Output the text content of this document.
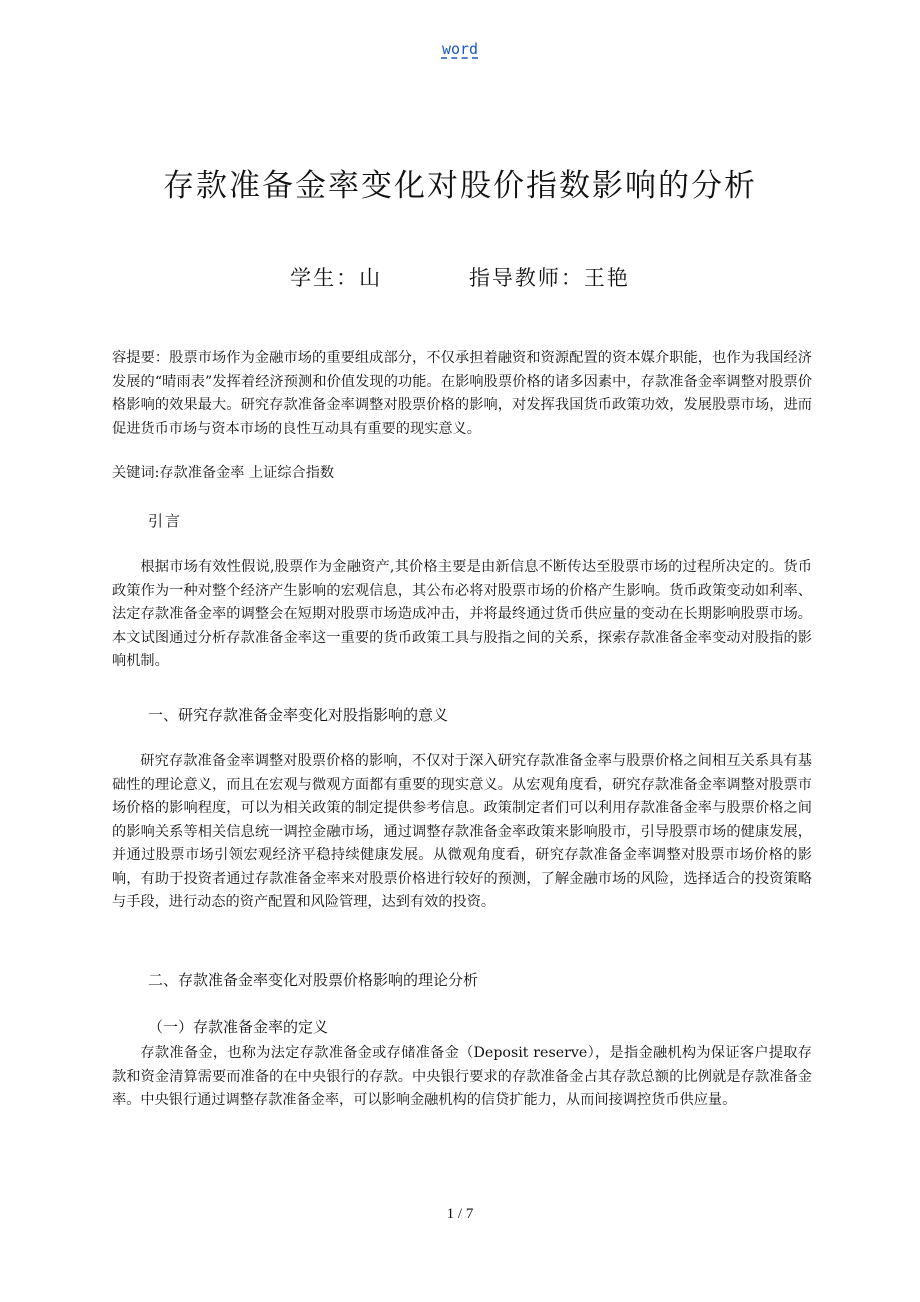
word
存款准备金率变化对股价指数影响的分析
学生：山          指导教师：王艳

容提要：股票市场作为金融市场的重要组成部分，不仅承担着融资和资源配置的资本媒介职能，也作为我国经济发展的“晴雨表”发挥着经济预测和价值发现的功能。在影响股票价格的诸多因素中，存款准备金率调整对股票价格影响的效果最大。研究存款准备金率调整对股票价格的影响，对发挥我国货币政策功效，发展股票市场，进而促进货币市场与资本市场的良性互动具有重要的现实意义。

关键词:存款准备金率 上证综合指数

引言

根据市场有效性假说,股票作为金融资产,其价格主要是由新信息不断传达至股票市场的过程所决定的。货币政策作为一种对整个经济产生影响的宏观信息，其公布必将对股票市场的价格产生影响。货币政策变动如利率、法定存款准备金率的调整会在短期对股票市场造成冲击，并将最终通过货币供应量的变动在长期影响股票市场。本文试图通过分析存款准备金率这一重要的货币政策工具与股指之间的关系，探索存款准备金率变动对股指的影响机制。

一、研究存款准备金率变化对股指影响的意义

研究存款准备金率调整对股票价格的影响，不仅对于深入研究存款准备金率与股票价格之间相互关系具有基础性的理论意义，而且在宏观与微观方面都有重要的现实意义。从宏观角度看，研究存款准备金率调整对股票市场价格的影响程度，可以为相关政策的制定提供参考信息。政策制定者们可以利用存款准备金率与股票价格之间的影响关系等相关信息统一调控金融市场，通过调整存款准备金率政策来影响股市，引导股票市场的健康发展，并通过股票市场引领宏观经济平稳持续健康发展。从微观角度看，研究存款准备金率调整对股票市场价格的影响，有助于投资者通过存款准备金率来对股票价格进行较好的预测，了解金融市场的风险，选择适合的投资策略与手段，进行动态的资产配置和风险管理，达到有效的投资。

二、存款准备金率变化对股票价格影响的理论分析

（一）存款准备金率的定义

存款准备金，也称为法定存款准备金或存储准备金（Deposit reserve），是指金融机构为保证客户提取存款和资金清算需要而准备的在中央银行的存款。中央银行要求的存款准备金占其存款总额的比例就是存款准备金率。中央银行通过调整存款准备金率，可以影响金融机构的信贷扩能力，从而间接调控货币供应量。

1 / 7
